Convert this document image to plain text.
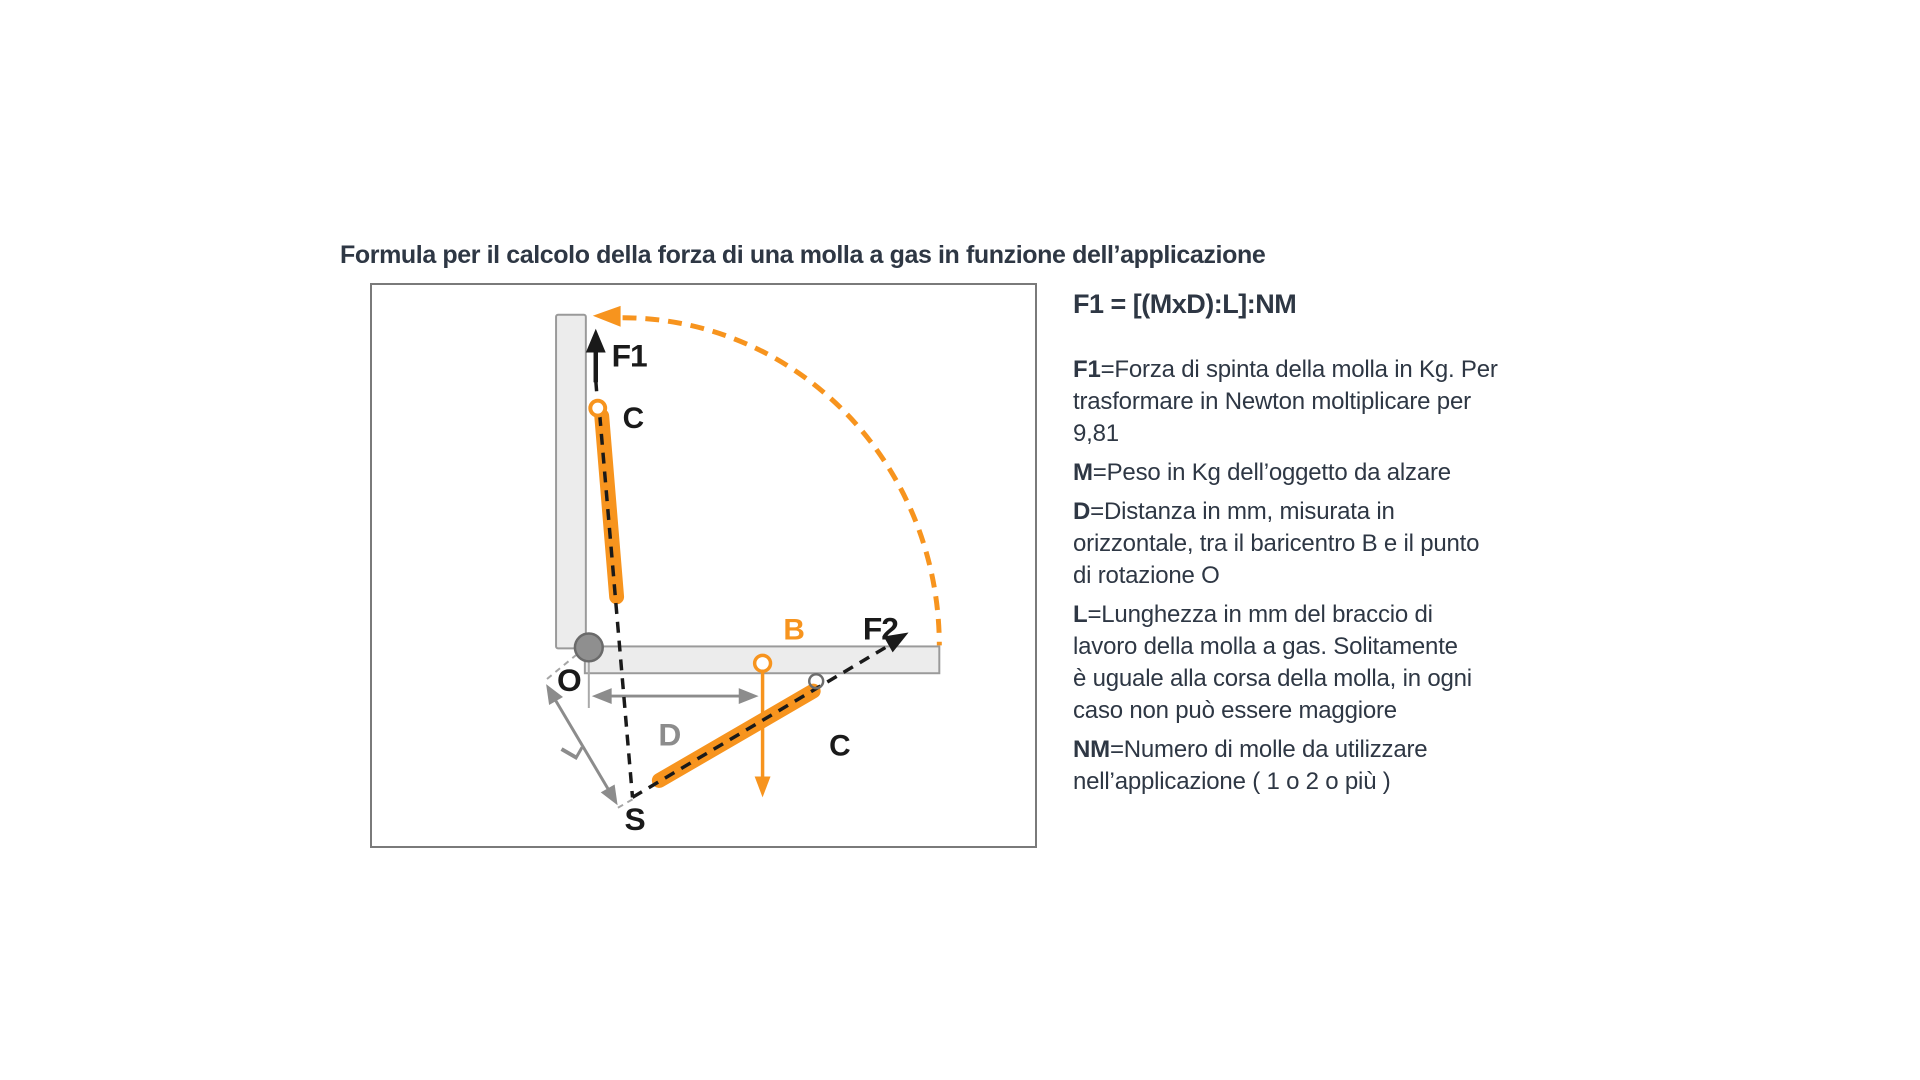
Formula per il calcolo della forza di una molla a gas in funzione dell’applicazione
F1
C
B F2
O
D
L	C
S

F1 = [(MxD):L]:NM

F1=Forza di spinta della molla in Kg. Per
trasformare in Newton moltiplicare per
9,81

M=Peso in Kg dell’oggetto da alzare

D=Distanza in mm, misurata in
orizzontale, tra il baricentro B e il punto
di rotazione O

L=Lunghezza in mm del braccio di
lavoro della molla a gas. Solitamente
è uguale alla corsa della molla, in ogni
caso non può essere maggiore

NM=Numero di molle da utilizzare
nell’applicazione ( 1 o 2 o più )
